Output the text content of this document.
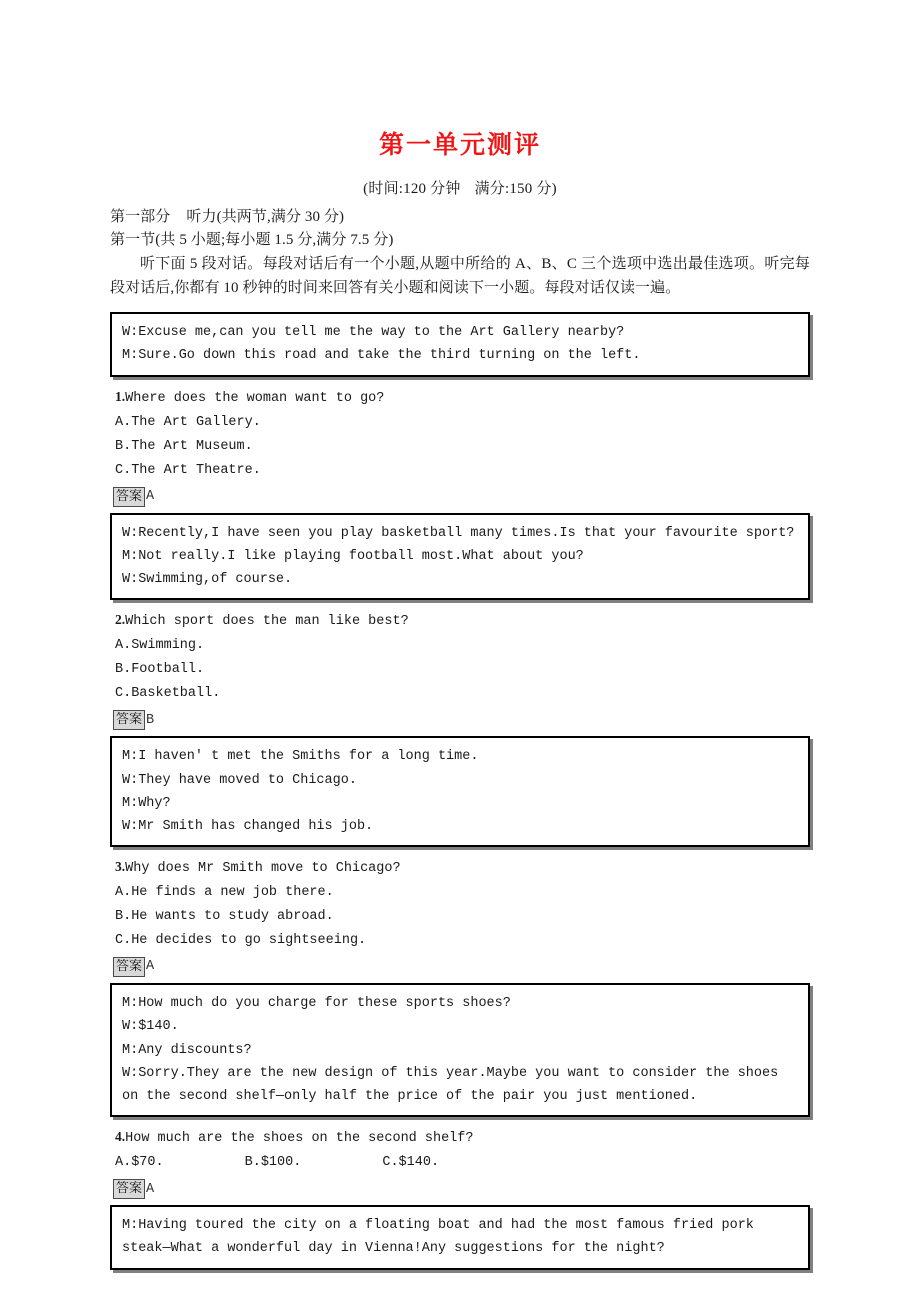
第一单元测评
(时间:120 分钟 满分:150 分)

第一部分 听力(共两节,满分 30 分)

第一节(共 5 小题;每小题 1.5 分,满分 7.5 分)

听下面 5 段对话。每段对话后有一个小题,从题中所给的 A、B、C 三个选项中选出最佳选项。听完每段对话后,你都有 10 秒钟的时间来回答有关小题和阅读下一小题。每段对话仅读一遍。

W:Excuse me,can you tell me the way to the Art Gallery nearby?
M:Sure.Go down this road and take the third turning on the left.
1.Where does the woman want to go?
A.The Art Gallery.
B.The Art Museum.
C.The Art Theatre.
答案 A
W:Recently,I have seen you play basketball many times.Is that your favourite sport?
M:Not really.I like playing football most.What about you?
W:Swimming,of course.
2.Which sport does the man like best?
A.Swimming.
B.Football.
C.Basketball.
答案 B
M:I haven' t met the Smiths for a long time.
W:They have moved to Chicago.
M:Why?
W:Mr Smith has changed his job.
3.Why does Mr Smith move to Chicago?
A.He finds a new job there.
B.He wants to study abroad.
C.He decides to go sightseeing.
答案 A
M:How much do you charge for these sports shoes?
W:$140.
M:Any discounts?
W:Sorry.They are the new design of this year.Maybe you want to consider the shoes on the second shelf—only half the price of the pair you just mentioned.
4.How much are the shoes on the second shelf?
A.$70.          B.$100.          C.$140.
答案 A
M:Having toured the city on a floating boat and had the most famous fried pork steak—What a wonderful day in Vienna!Any suggestions for the night?
